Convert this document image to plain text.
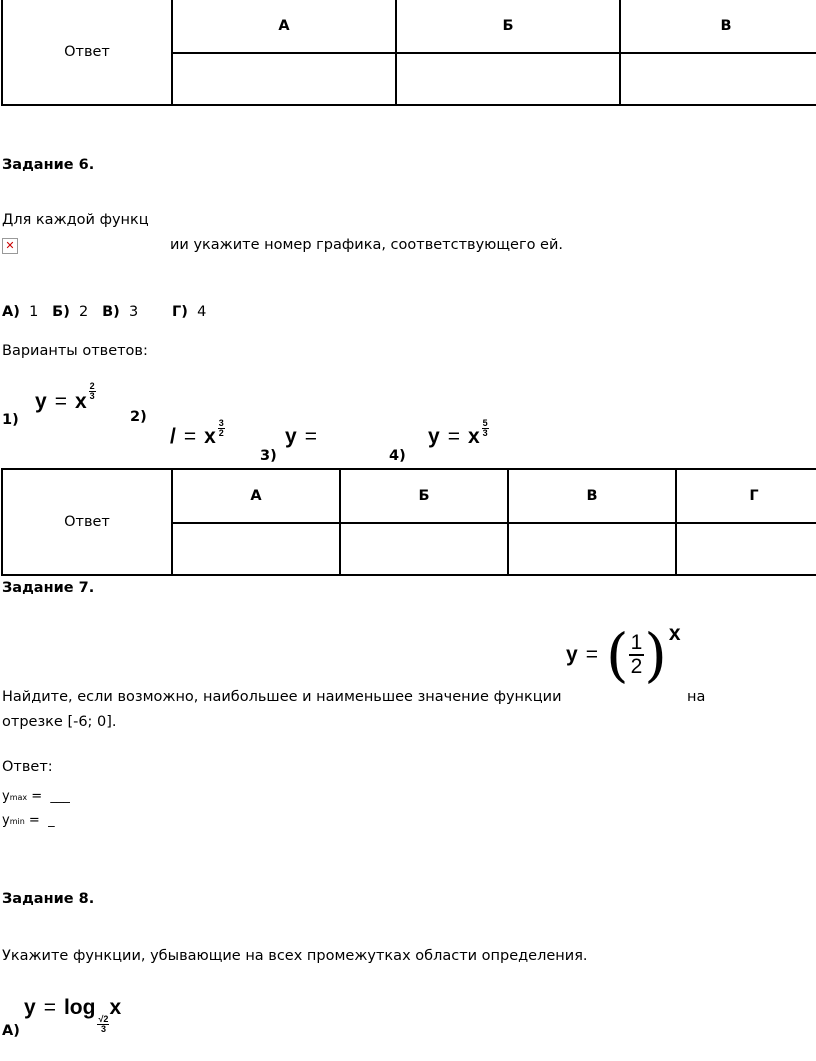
Ответ	А	Б	В

Задание 6.
Для каждой функц
✕	ии укажите номер графика, соответствующего ей.
А) 1 Б) 2 В) 3 Г) 4
Варианты ответов:
1)
y = x $\frac{2}{3}$
2)
/ = x $\frac{3}{2}$
3)
y =
4)
y = x $\frac{5}{3}$
Ответ	А	Б	В	Г

Задание 7.
y = ( $\frac{1}{2})x$
Найдите, если возможно, наибольшее и наименьшее значение функции	на
отрезке [-6; 0].
Ответ:
ymax =  ___
ymin =  _
Задание 8.
Укажите функции, убывающие на всех промежутках области определения.
$y = \log\frac{√2}{3}$
x
А)
